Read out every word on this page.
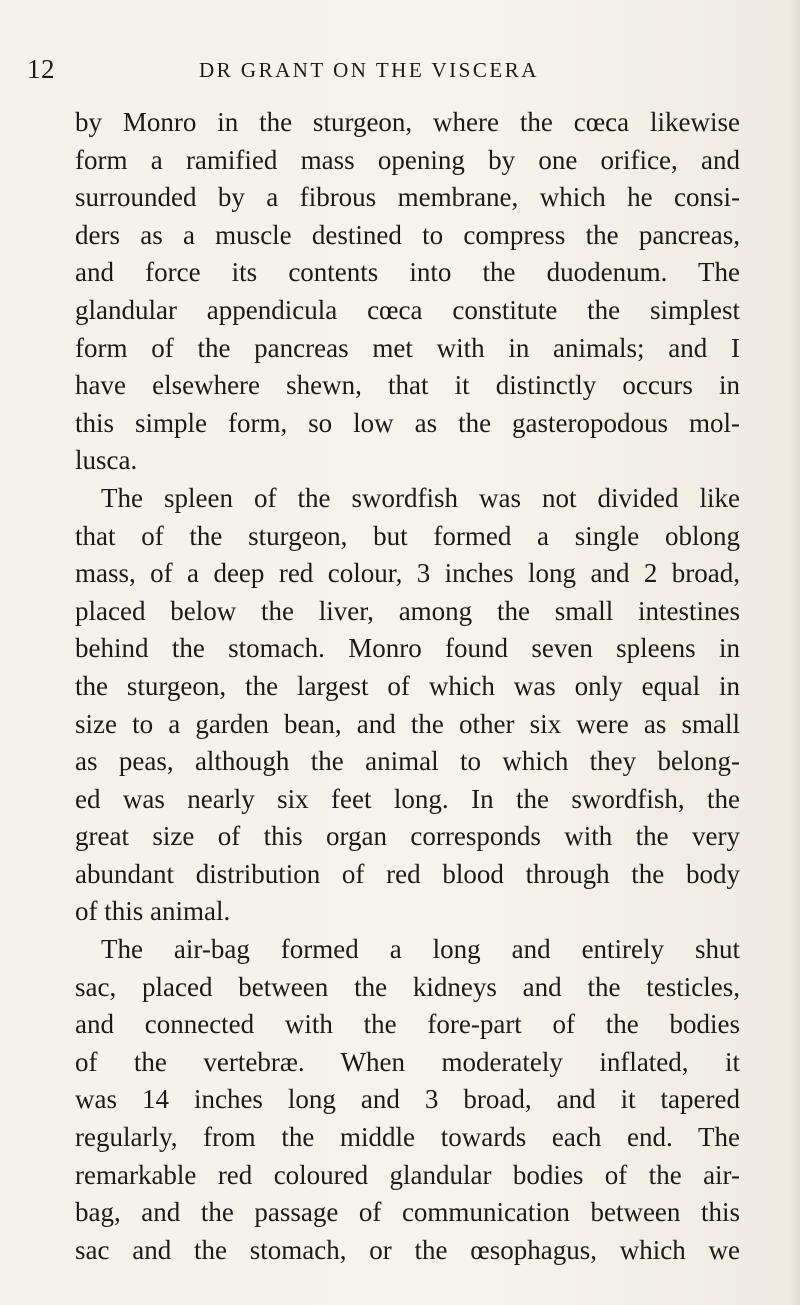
12	DR GRANT ON THE VISCERA
by Monro in the sturgeon, where the cœca likewise
form a ramified mass opening by one orifice, and
surrounded by a fibrous membrane, which he consi-
ders as a muscle destined to compress the pancreas,
and force its contents into the duodenum. The
glandular appendicula cœca constitute the simplest
form of the pancreas met with in animals; and I
have elsewhere shewn, that it distinctly occurs in
this simple form, so low as the gasteropodous mol-
lusca.
The spleen of the swordfish was not divided like
that of the sturgeon, but formed a single oblong
mass, of a deep red colour, 3 inches long and 2 broad,
placed below the liver, among the small intestines
behind the stomach. Monro found seven spleens in
the sturgeon, the largest of which was only equal in
size to a garden bean, and the other six were as small
as peas, although the animal to which they belong-
ed was nearly six feet long. In the swordfish, the
great size of this organ corresponds with the very
abundant distribution of red blood through the body
of this animal.
The air-bag formed a long and entirely shut
sac, placed between the kidneys and the testicles,
and connected with the fore-part of the bodies
of the vertebræ. When moderately inflated, it
was 14 inches long and 3 broad, and it tapered
regularly, from the middle towards each end. The
remarkable red coloured glandular bodies of the air-
bag, and the passage of communication between this
sac and the stomach, or the œsophagus, which we
